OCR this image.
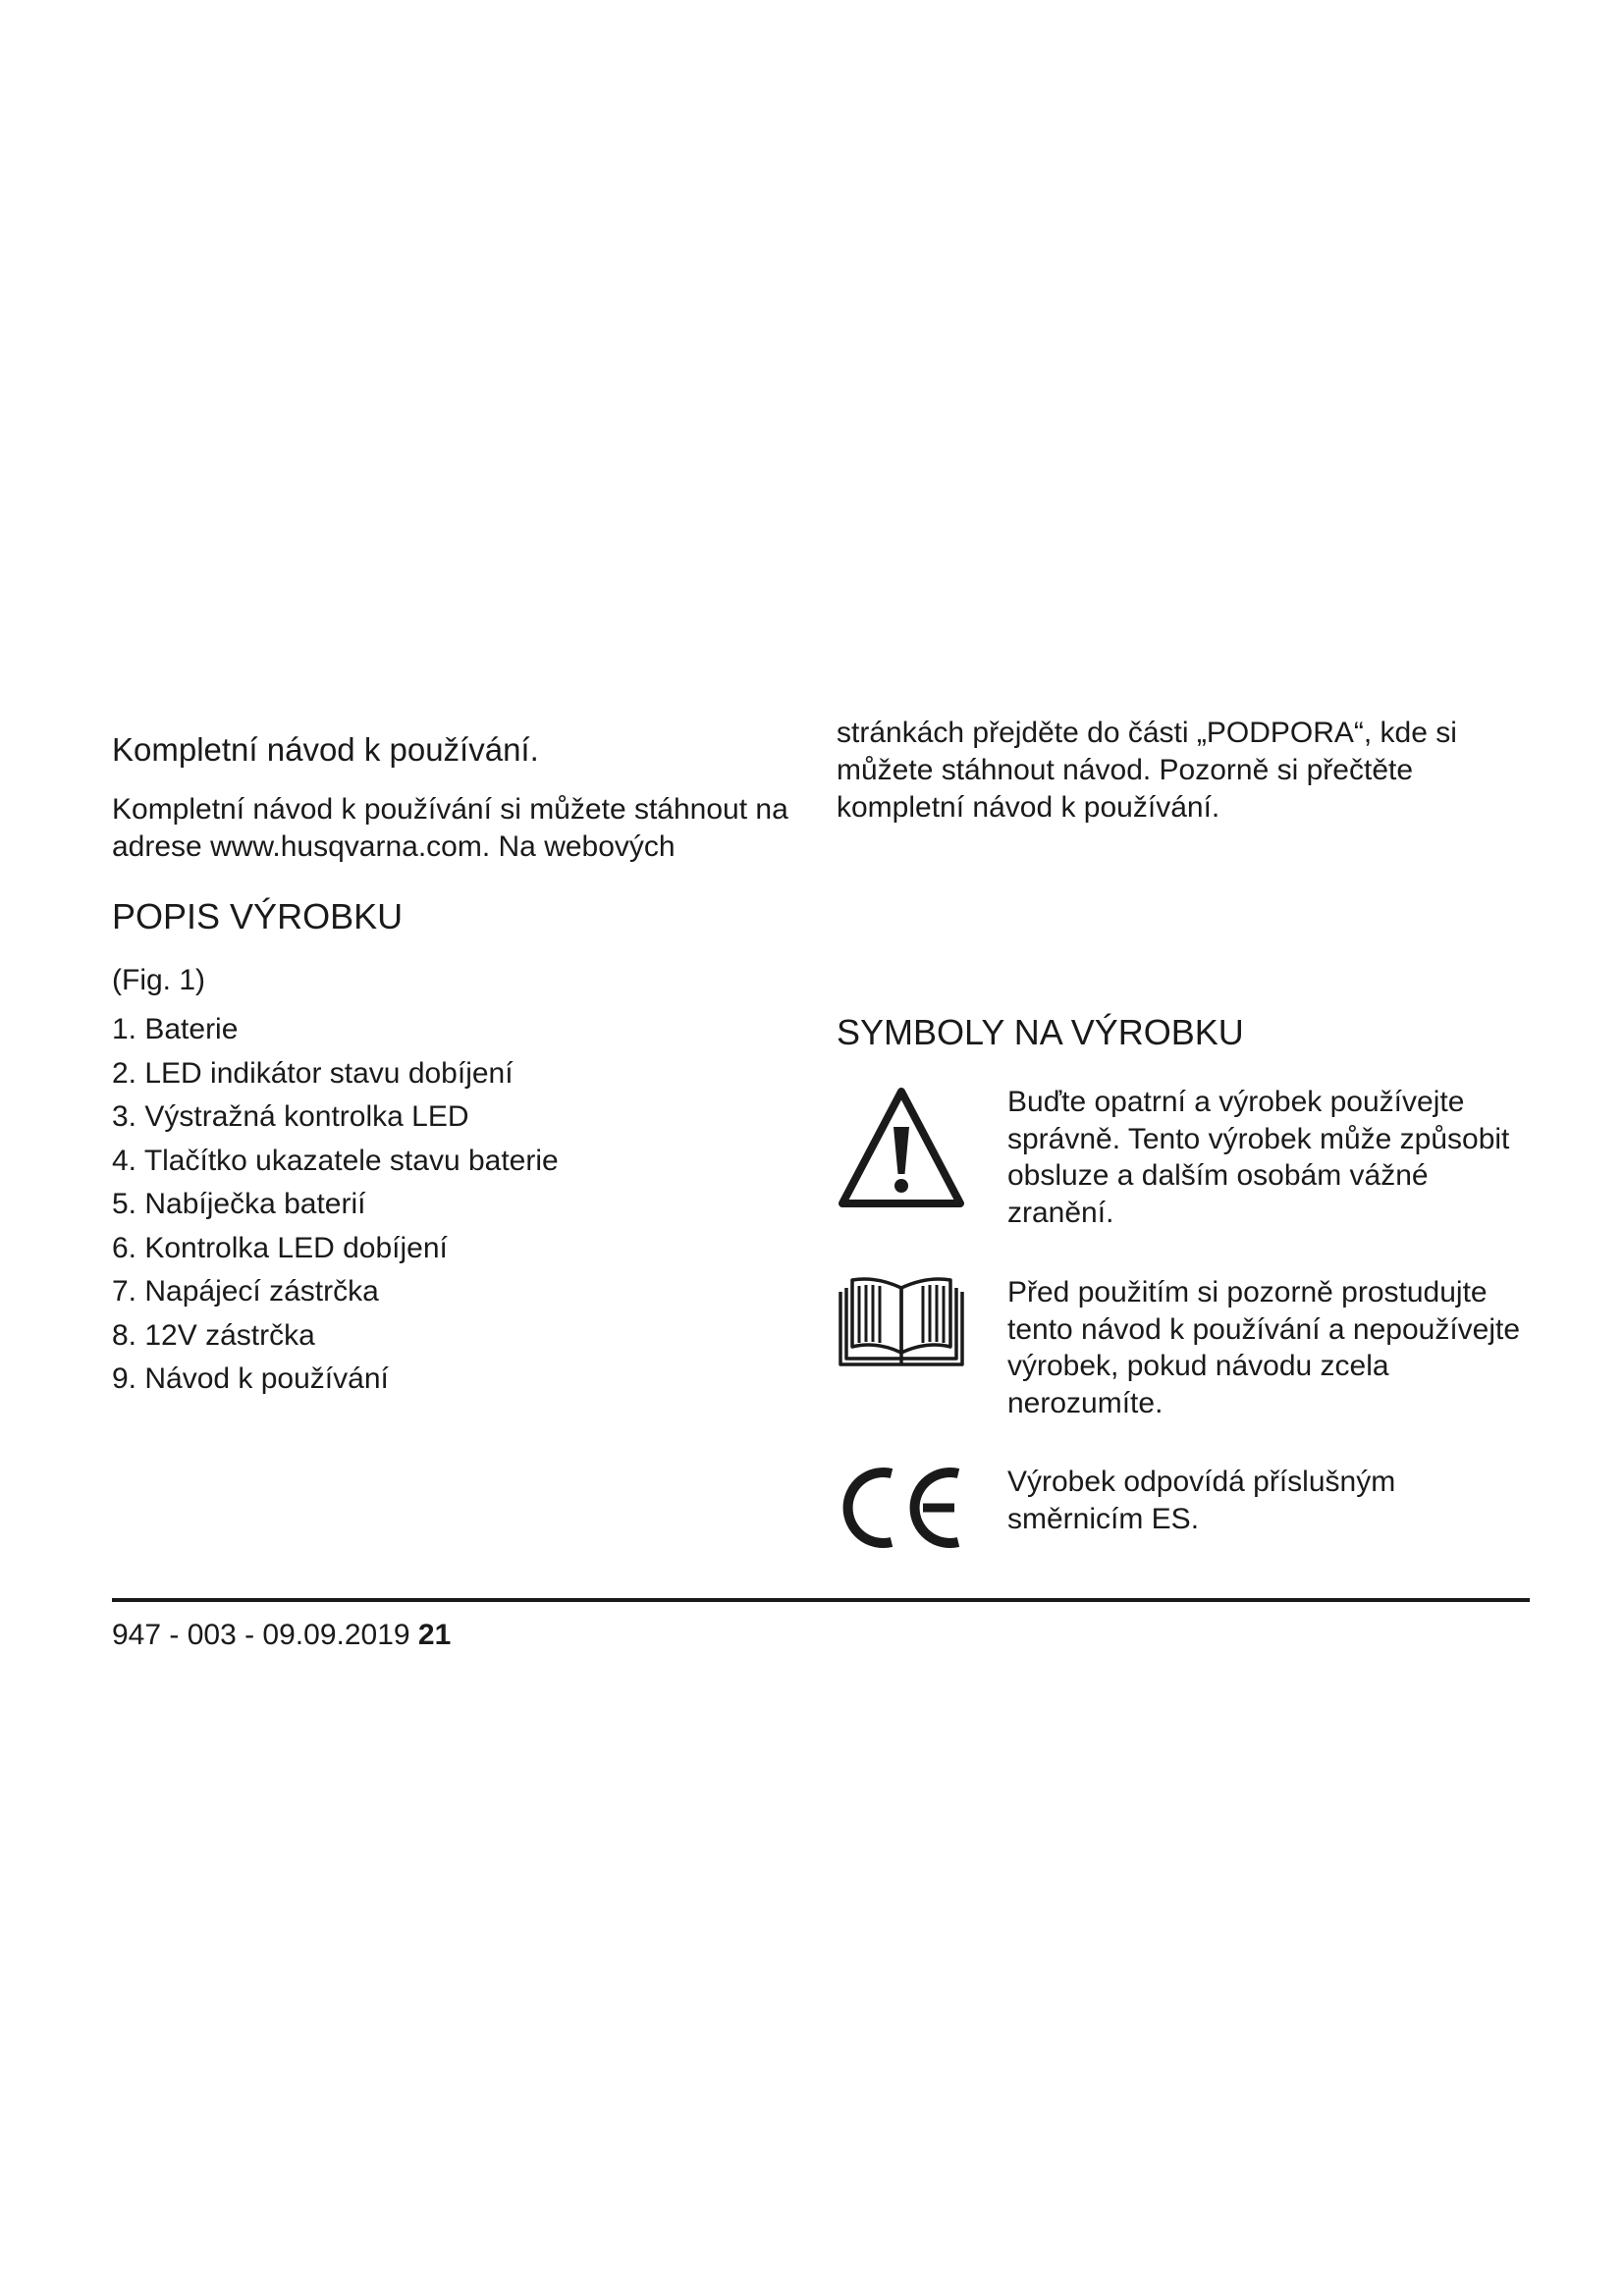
Kompletní návod k používání.

Kompletní návod k používání si můžete stáhnout na adrese www.husqvarna.com. Na webových

POPIS VÝROBKU
(Fig. 1)
1. Baterie
2. LED indikátor stavu dobíjení
3. Výstražná kontrolka LED
4. Tlačítko ukazatele stavu baterie
5. Nabíječka baterií
6. Kontrolka LED dobíjení
7. Napájecí zástrčka
8. 12V zástrčka
9. Návod k používání

stránkách přejděte do části „PODPORA“, kde si můžete stáhnout návod. Pozorně si přečtěte kompletní návod k používání.

SYMBOLY NA VÝROBKU

Buďte opatrní a výrobek používejte správně. Tento výrobek může způsobit obsluze a dalším osobám vážné zranění.

Před použitím si pozorně prostudujte tento návod k používání a nepoužívejte výrobek, pokud návodu zcela nerozumíte.

Výrobek odpovídá příslušným směrnicím ES.

947 - 003 - 09.09.2019 21
